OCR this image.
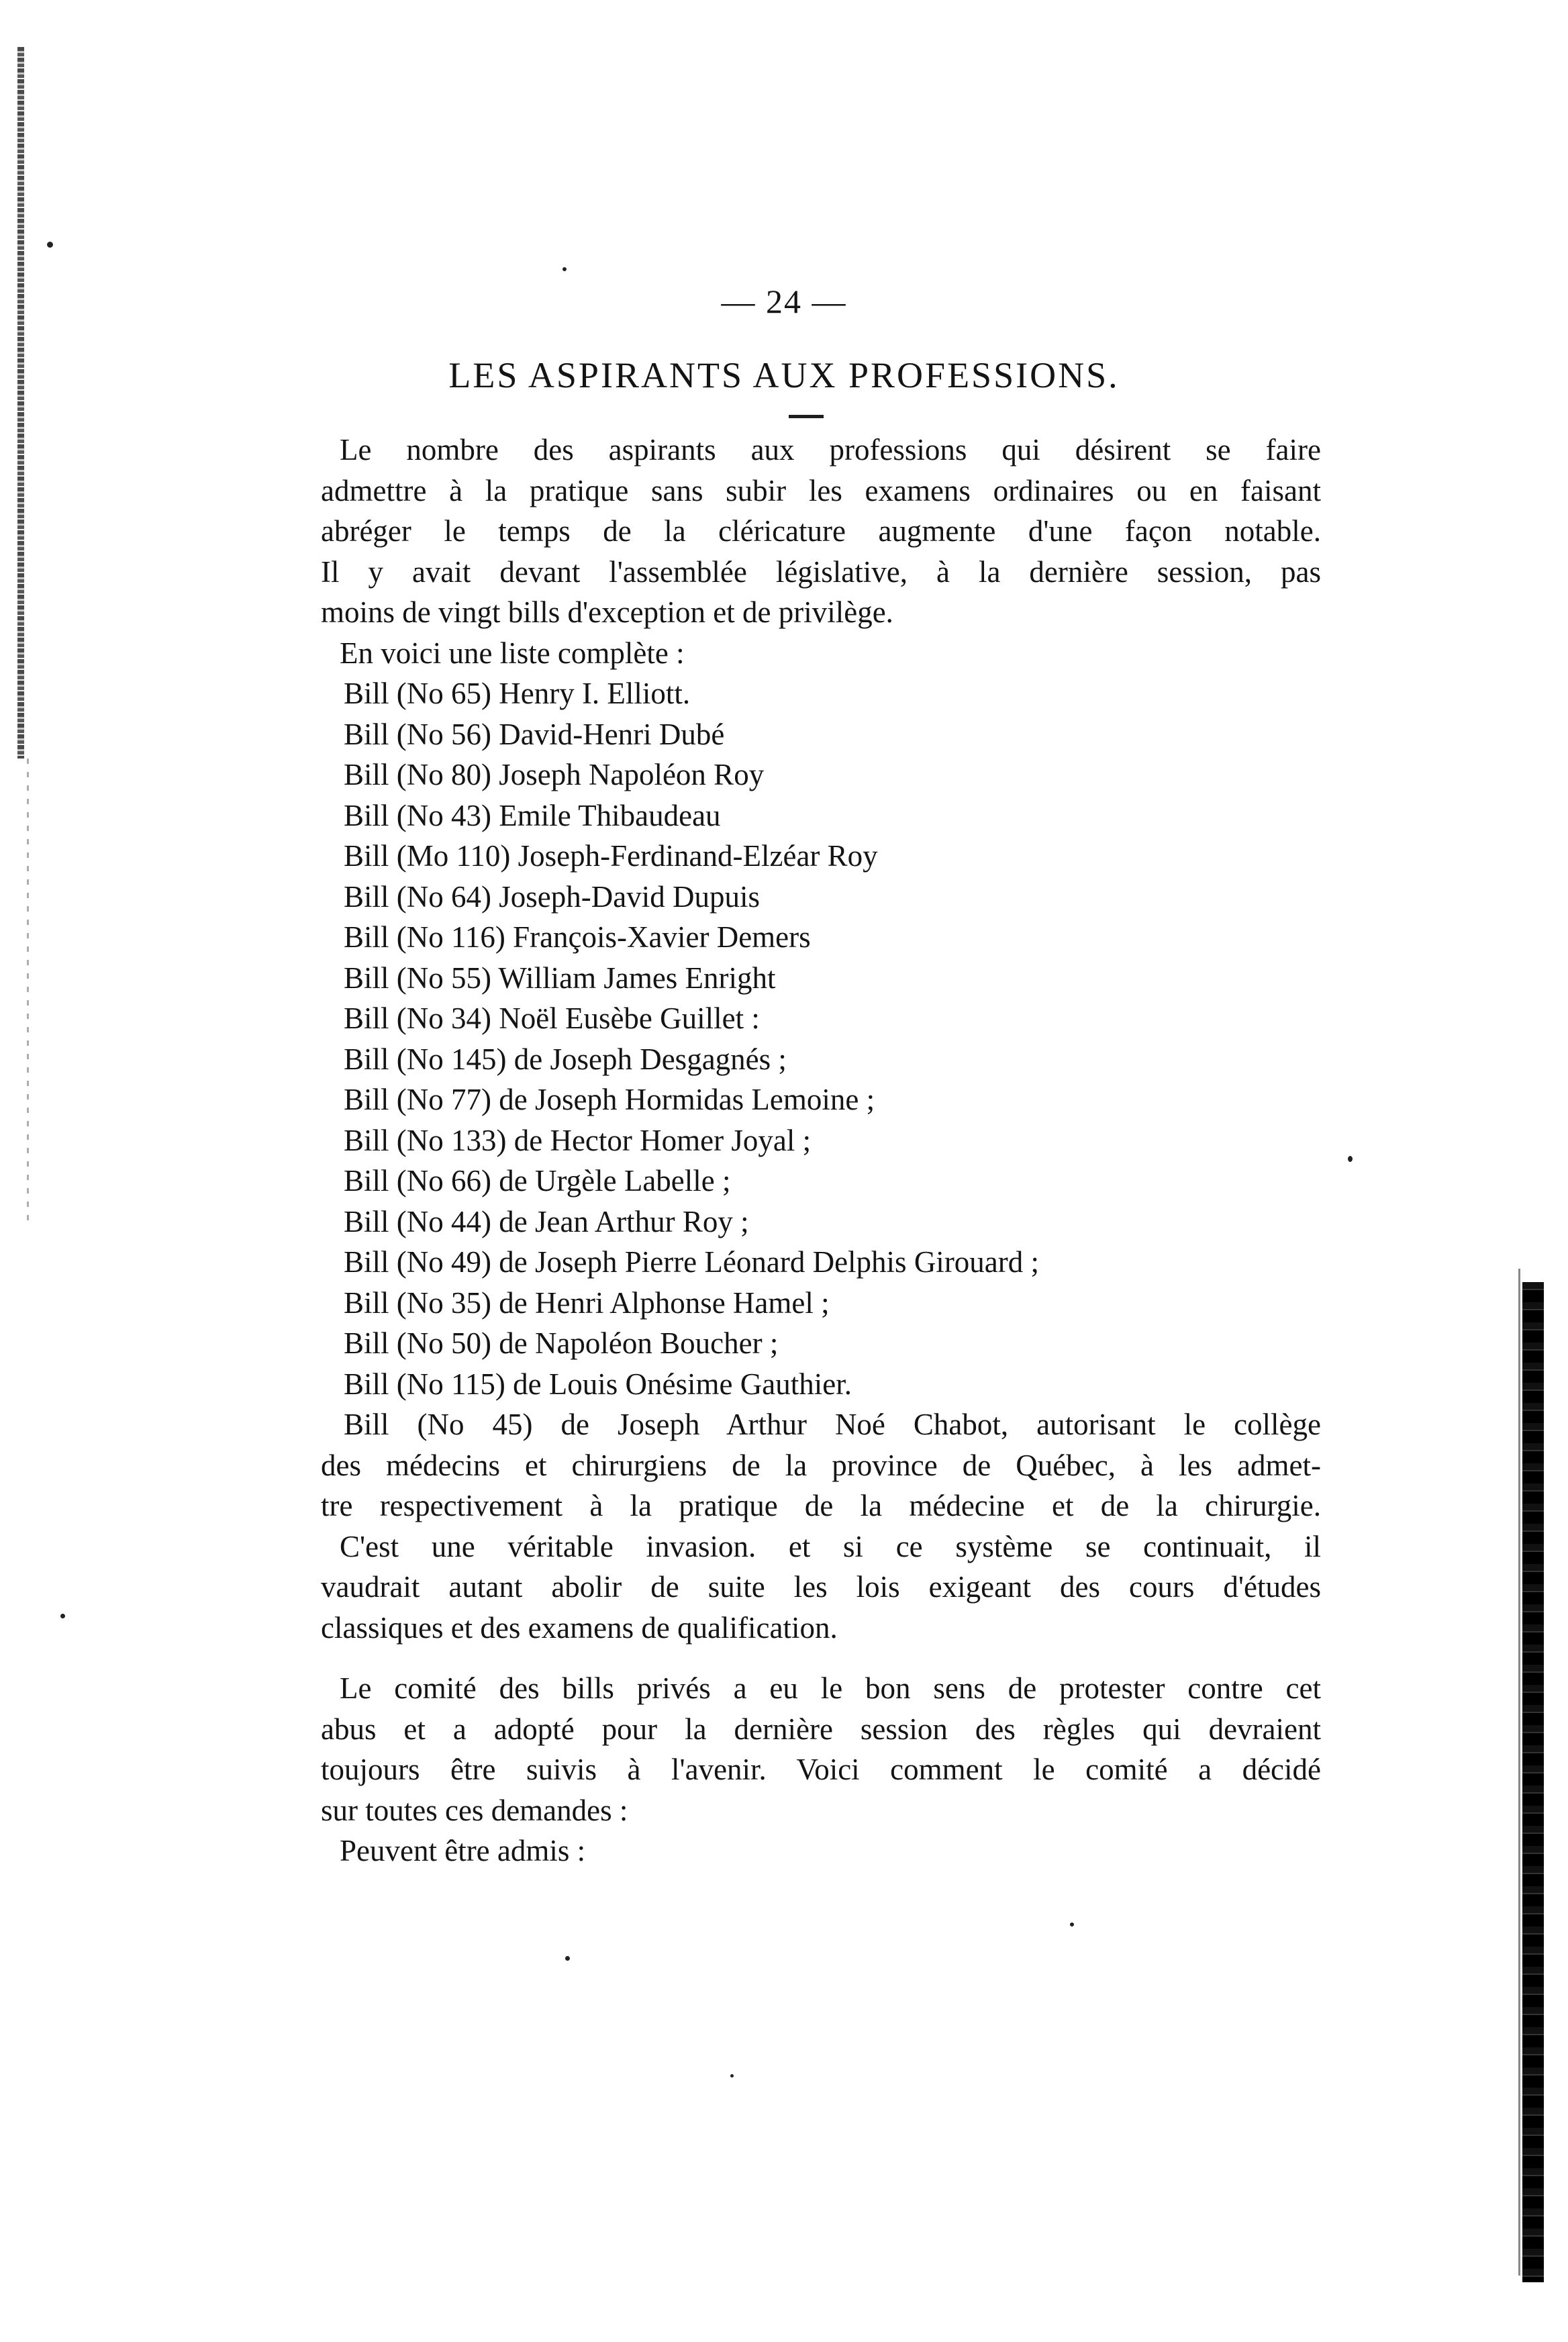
— 24 —
LES ASPIRANTS AUX PROFESSIONS.
Le nombre des aspirants aux professions qui désirent se faire
admettre à la pratique sans subir les examens ordinaires ou en faisant
abréger le temps de la cléricature augmente d'une façon notable.
Il y avait devant l'assemblée législative, à la dernière session, pas
moins de vingt bills d'exception et de privilège.
En voici une liste complète :
Bill (No 65) Henry I. Elliott.
Bill (No 56) David-Henri Dubé
Bill (No 80) Joseph Napoléon Roy
Bill (No 43) Emile Thibaudeau
Bill (Mo 110) Joseph-Ferdinand-Elzéar Roy
Bill (No 64) Joseph-David Dupuis
Bill (No 116) François-Xavier Demers
Bill (No 55) William James Enright
Bill (No 34) Noël Eusèbe Guillet :
Bill (No 145) de Joseph Desgagnés ;
Bill (No 77) de Joseph Hormidas Lemoine ;
Bill (No 133) de Hector Homer Joyal ;
Bill (No 66) de Urgèle Labelle ;
Bill (No 44) de Jean Arthur Roy ;
Bill (No 49) de Joseph Pierre Léonard Delphis Girouard ;
Bill (No 35) de Henri Alphonse Hamel ;
Bill (No 50) de Napoléon Boucher ;
Bill (No 115) de Louis Onésime Gauthier.
Bill (No 45) de Joseph Arthur Noé Chabot, autorisant le collège
des médecins et chirurgiens de la province de Québec, à les admet-
tre respectivement à la pratique de la médecine et de la chirurgie.
C'est une véritable invasion. et si ce système se continuait, il
vaudrait autant abolir de suite les lois exigeant des cours d'études
classiques et des examens de qualification.
Le comité des bills privés a eu le bon sens de protester contre cet
abus et a adopté pour la dernière session des règles qui devraient
toujours être suivis à l'avenir. Voici comment le comité a décidé
sur toutes ces demandes :
Peuvent être admis :
